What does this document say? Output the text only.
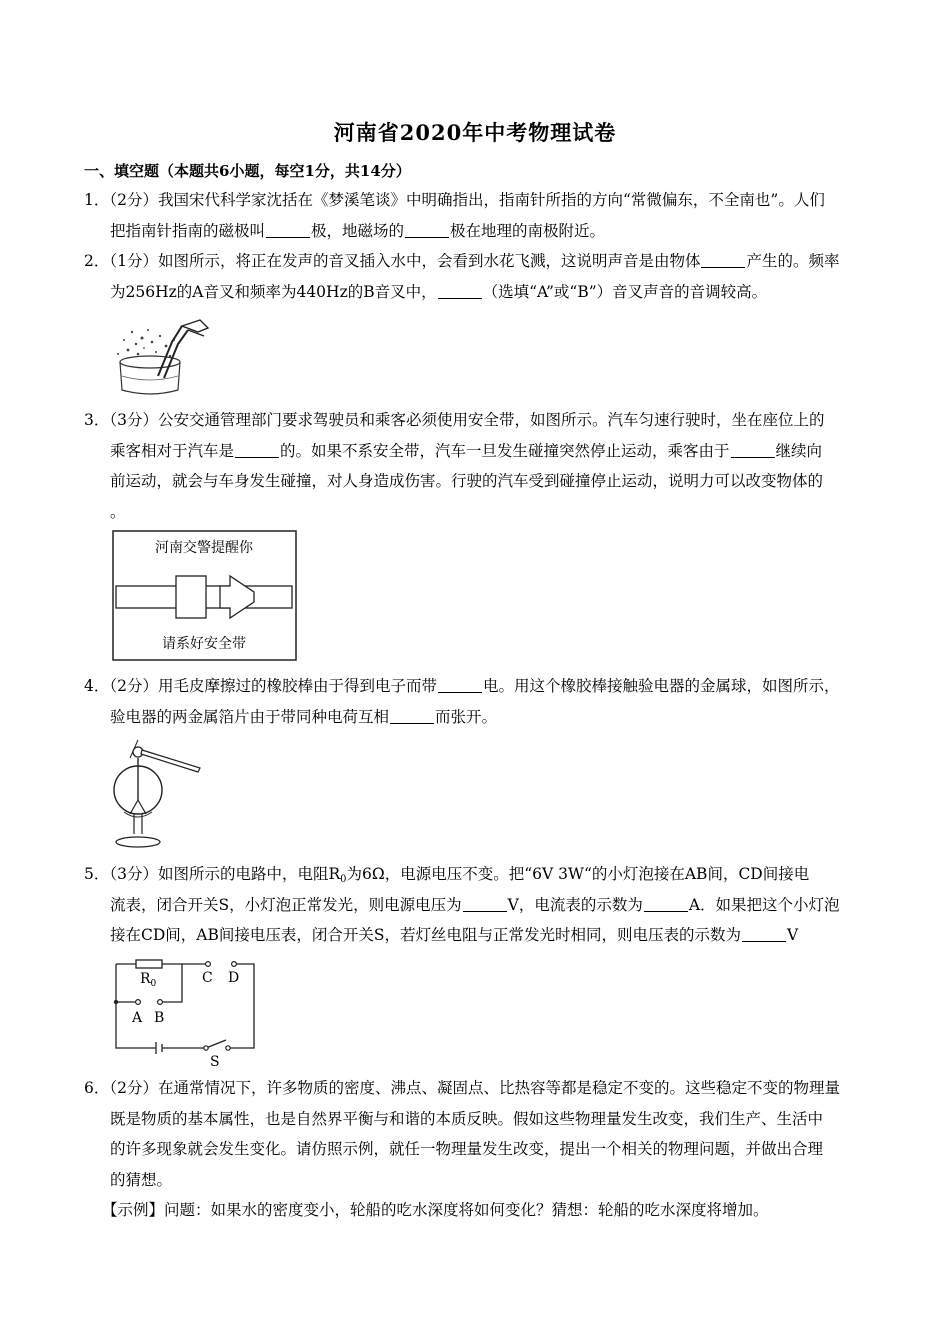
河南省2020年中考物理试卷
一、填空题（本题共6小题，每空1分，共14分）
1．（2分）我国宋代科学家沈括在《梦溪笔谈》中明确指出，指南针所指的方向“常微偏东，不全南也”。人们
把指南针指南的磁极叫	极，地磁场的	极在地理的南极附近。
2．（1分）如图所示，将正在发声的音叉插入水中，会看到水花飞溅，这说明声音是由物体	产生的。频率
为256Hz的A音叉和频率为440Hz的B音叉中，	（选填“A”或“B”）音叉声音的音调较高。
3．（3分）公安交通管理部门要求驾驶员和乘客必须使用安全带，如图所示。汽车匀速行驶时，坐在座位上的
乘客相对于汽车是	的。如果不系安全带，汽车一旦发生碰撞突然停止运动，乘客由于	继续向
前运动，就会与车身发生碰撞，对人身造成伤害。行驶的汽车受到碰撞停止运动，说明力可以改变物体的
。
河南交警提醒你
请系好安全带
4．（2分）用毛皮摩擦过的橡胶棒由于得到电子而带	电。用这个橡胶棒接触验电器的金属球，如图所示，
验电器的两金属箔片由于带同种电荷互相	而张开。
5．（3分）如图所示的电路中，电阻$R_0$为6Ω，电源电压不变。把“6V 3W“的小灯泡接在AB间，CD间接电
流表，闭合开关S，小灯泡正常发光，则电源电压为	V，电流表的示数为	A．如果把这个小灯泡
接在CD间，AB间接电压表，闭合开关S，若灯丝电阻与正常发光时相同，则电压表的示数为	V
$R_0$	C D
A B
S
6．（2分）在通常情况下，许多物质的密度、沸点、凝固点、比热容等都是稳定不变的。这些稳定不变的物理量
既是物质的基本属性，也是自然界平衡与和谐的本质反映。假如这些物理量发生改变，我们生产、生活中
的许多现象就会发生变化。请仿照示例，就任一物理量发生改变，提出一个相关的物理问题，并做出合理
的猜想。
【示例】问题：如果水的密度变小，轮船的吃水深度将如何变化？猜想：轮船的吃水深度将增加。
